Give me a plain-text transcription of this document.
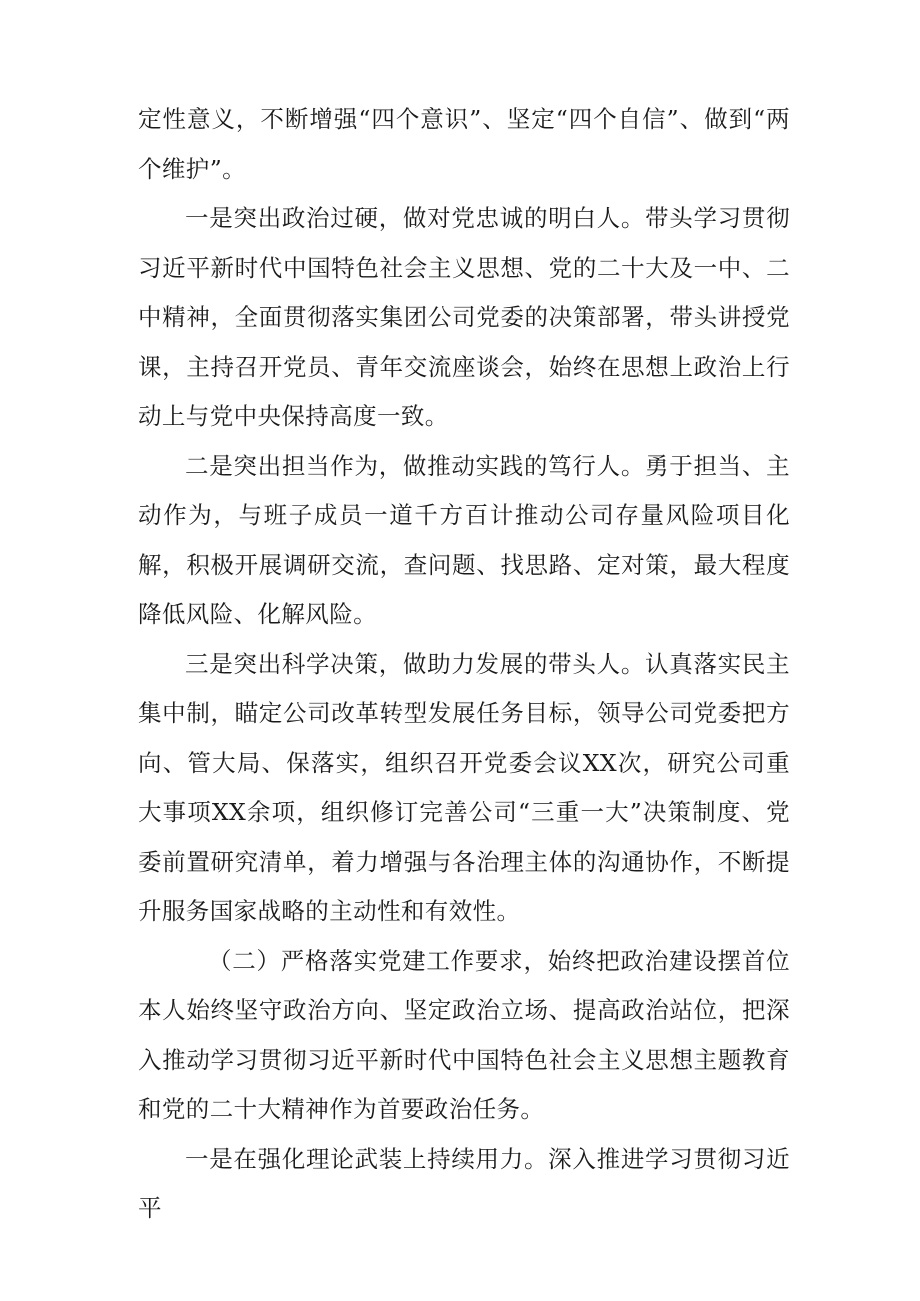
定性意义，不断增强“四个意识”、坚定“四个自信”、做到“两个维护”。

一是突出政治过硬，做对党忠诚的明白人。带头学习贯彻习近平新时代中国特色社会主义思想、党的二十大及一中、二中精神，全面贯彻落实集团公司党委的决策部署，带头讲授党课，主持召开党员、青年交流座谈会，始终在思想上政治上行动上与党中央保持高度一致。

二是突出担当作为，做推动实践的笃行人。勇于担当、主动作为，与班子成员一道千方百计推动公司存量风险项目化解，积极开展调研交流，查问题、找思路、定对策，最大程度降低风险、化解风险。

三是突出科学决策，做助力发展的带头人。认真落实民主集中制，瞄定公司改革转型发展任务目标，领导公司党委把方向、管大局、保落实，组织召开党委会议XX次，研究公司重大事项XX余项，组织修订完善公司“三重一大”决策制度、党委前置研究清单，着力增强与各治理主体的沟通协作，不断提升服务国家战略的主动性和有效性。

（二）严格落实党建工作要求，始终把政治建设摆首位本人始终坚守政治方向、坚定政治立场、提高政治站位，把深入推动学习贯彻习近平新时代中国特色社会主义思想主题教育和党的二十大精神作为首要政治任务。

一是在强化理论武装上持续用力。深入推进学习贯彻习近平
